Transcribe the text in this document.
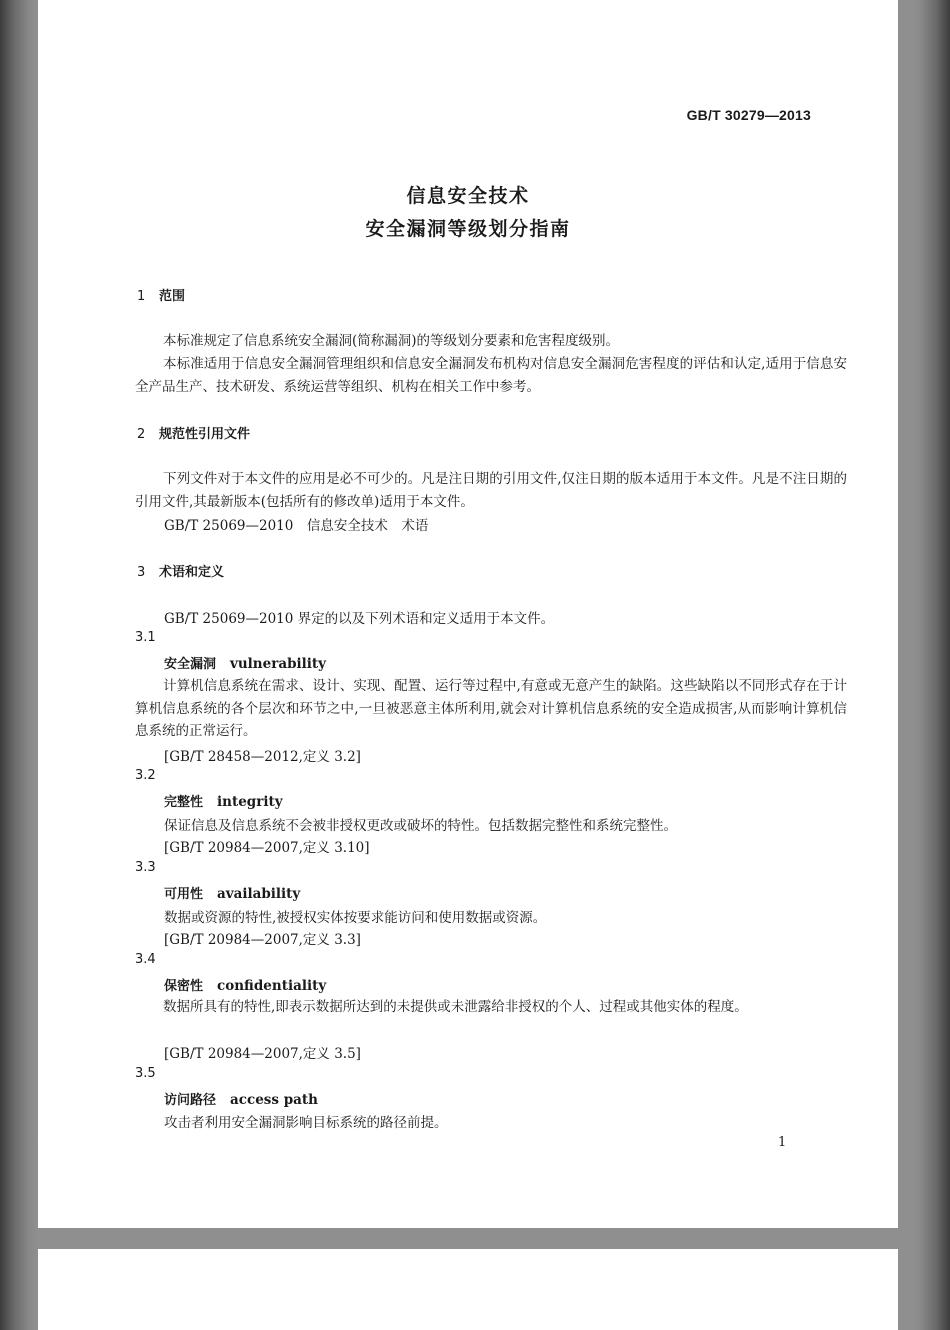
GB/T 30279—2013
信息安全技术
安全漏洞等级划分指南
1 范围
本标准规定了信息系统安全漏洞(简称漏洞)的等级划分要素和危害程度级别。
本标准适用于信息安全漏洞管理组织和信息安全漏洞发布机构对信息安全漏洞危害程度的评估和认定,适用于信息安全产品生产、技术研发、系统运营等组织、机构在相关工作中参考。
2 规范性引用文件
下列文件对于本文件的应用是必不可少的。凡是注日期的引用文件,仅注日期的版本适用于本文件。凡是不注日期的引用文件,其最新版本(包括所有的修改单)适用于本文件。
GB/T 25069—2010　信息安全技术　术语
3 术语和定义
GB/T 25069—2010 界定的以及下列术语和定义适用于本文件。
3.1
安全漏洞 vulnerability
计算机信息系统在需求、设计、实现、配置、运行等过程中,有意或无意产生的缺陷。这些缺陷以不同形式存在于计算机信息系统的各个层次和环节之中,一旦被恶意主体所利用,就会对计算机信息系统的安全造成损害,从而影响计算机信息系统的正常运行。
[GB/T 28458—2012,定义 3.2]
3.2
完整性 integrity
保证信息及信息系统不会被非授权更改或破坏的特性。包括数据完整性和系统完整性。
[GB/T 20984—2007,定义 3.10]
3.3
可用性 availability
数据或资源的特性,被授权实体按要求能访问和使用数据或资源。
[GB/T 20984—2007,定义 3.3]
3.4
保密性 confidentiality
数据所具有的特性,即表示数据所达到的未提供或未泄露给非授权的个人、过程或其他实体的程度。
[GB/T 20984—2007,定义 3.5]
3.5
访问路径 access path
攻击者利用安全漏洞影响目标系统的路径前提。
1
